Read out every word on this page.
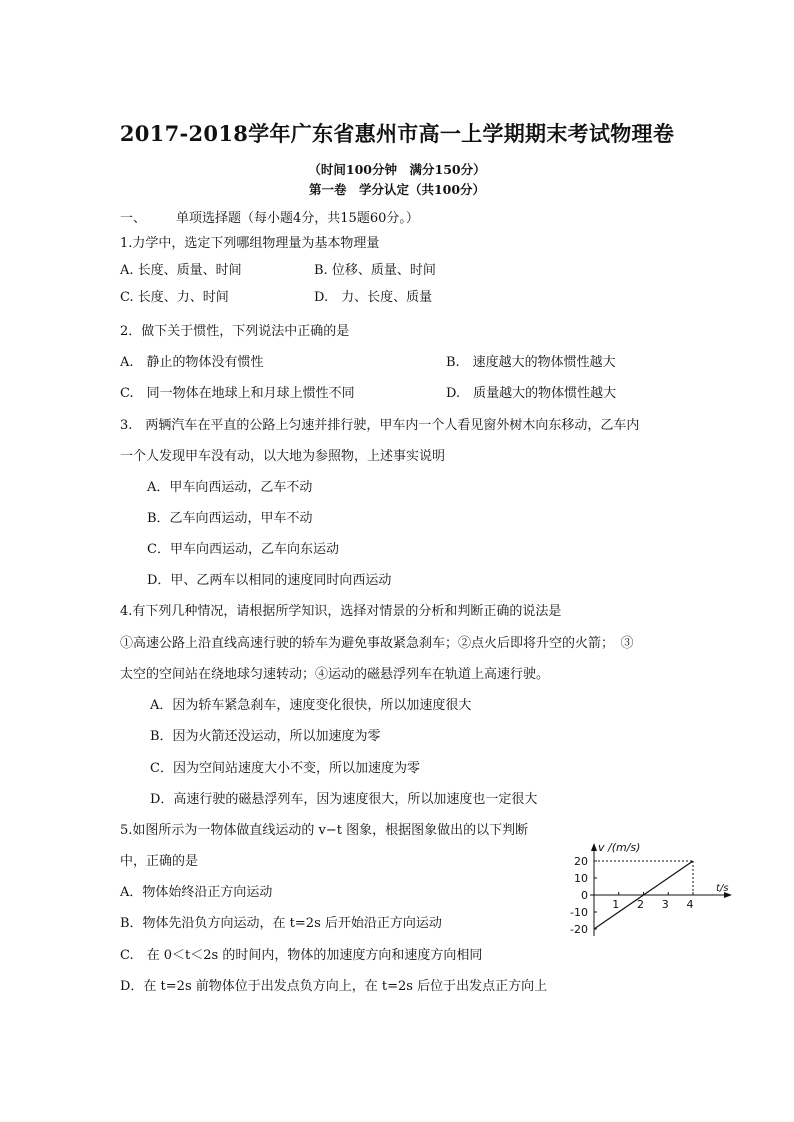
2017-2018学年广东省惠州市高一上学期期末考试物理卷
（时间100分钟　满分150分）
第一卷　学分认定（共100分）
一、 单项选择题（每小题4分，共15题60分。）
1.力学中，选定下列哪组物理量为基本物理量
A. 长度、质量、时间	B. 位移、质量、时间
C. 长度、力、时间	D.　力、长度、质量
2．做下关于惯性，下列说法中正确的是
A.　静止的物体没有惯性	B.　速度越大的物体惯性越大
C.　同一物体在地球上和月球上惯性不同	D.　质量越大的物体惯性越大
3.　两辆汽车在平直的公路上匀速并排行驶，甲车内一个人看见窗外树木向东移动，乙车内
一个人发现甲车没有动，以大地为参照物，上述事实说明
A．甲车向西运动，乙车不动
B．乙车向西运动，甲车不动
C．甲车向西运动，乙车向东运动
D．甲、乙两车以相同的速度同时向西运动
4.有下列几种情况，请根据所学知识，选择对情景的分析和判断正确的说法是
①高速公路上沿直线高速行驶的轿车为避免事故紧急刹车；②点火后即将升空的火箭；　③
太空的空间站在绕地球匀速转动；④运动的磁悬浮列车在轨道上高速行驶。
A．因为轿车紧急刹车，速度变化很快，所以加速度很大
B．因为火箭还没运动，所以加速度为零
C．因为空间站速度大小不变，所以加速度为零
D．高速行驶的磁悬浮列车，因为速度很大，所以加速度也一定很大
5.如图所示为一物体做直线运动的 v−t 图象，根据图象做出的以下判断
中，正确的是
A．物体始终沿正方向运动
B．物体先沿负方向运动，在 t=2s 后开始沿正方向运动
C.　在 0＜t＜2s 的时间内，物体的加速度方向和速度方向相同
D．在 t=2s 前物体位于出发点负方向上，在 t=2s 后位于出发点正方向上
v /(m/s)
t/s
20
10
0
-10
-20
1 2 3 4
